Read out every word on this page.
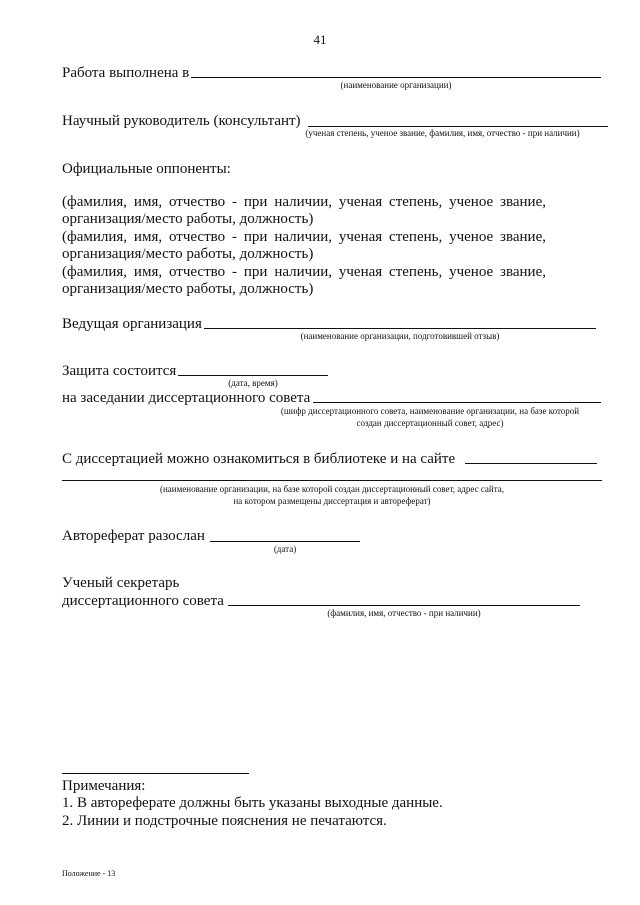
41
Работа выполнена в
(наименование организации)
Научный руководитель (консультант)
(ученая степень, ученое звание, фамилия, имя, отчество - при наличии)
Официальные оппоненты:
(фамилия, имя, отчество - при наличии, ученая степень, ученое звание,
организация/место работы, должность)
(фамилия, имя, отчество - при наличии, ученая степень, ученое звание,
организация/место работы, должность)
(фамилия, имя, отчество - при наличии, ученая степень, ученое звание,
организация/место работы, должность)
Ведущая организация
(наименование организации, подготовившей отзыв)
Защита состоится
(дата, время)
на заседании диссертационного совета
(шифр диссертационного совета, наименование организации, на базе которой
создан диссертационный совет, адрес)
С диссертацией можно ознакомиться в библиотеке и на сайте
(наименование организации, на базе которой создан диссертационный совет, адрес сайта,
на котором размещены диссертация и автореферат)
Автореферат разослан
(дата)
Ученый секретарь
диссертационного совета
(фамилия, имя, отчество - при наличии)
Примечания:
1. В автореферате должны быть указаны выходные данные.
2. Линии и подстрочные пояснения не печатаются.
Положение - 13
